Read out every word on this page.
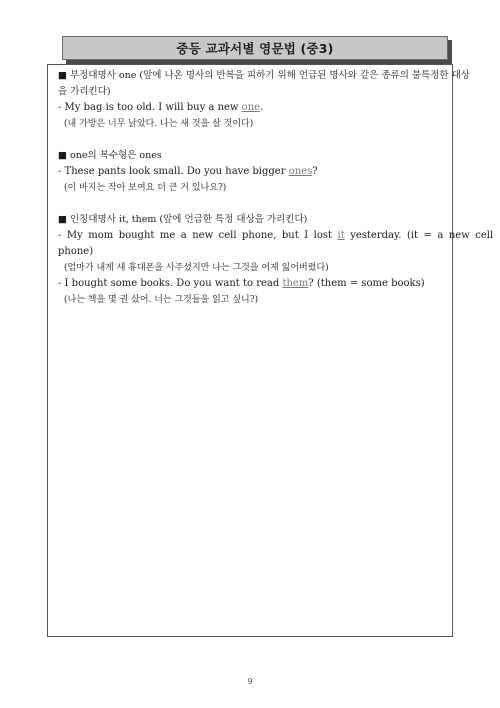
중등 교과서별 영문법 (중3)
■ 부정대명사 one (앞에 나온 명사의 반복을 피하기 위해 언급된 명사와 같은 종류의 불특정한 대상
을 가리킨다)
- My bag is too old. I will buy a new one.
(내 가방은 너무 낡았다. 나는 새 것을 살 것이다)
■ one의 복수형은 ones
- These pants look small. Do you have bigger ones?
(이 바지는 작아 보여요 더 큰 거 있나요?)
■ 인칭대명사 it, them (앞에 언급한 특정 대상을 가리킨다)
- My mom bought me a new cell phone, but I lost it yesterday. (it = a new cell
phone)
(엄마가 내게 새 휴대폰을 사주셨지만 나는 그것을 어제 잃어버렸다)
- I bought some books. Do you want to read them? (them = some books)
(나는 책을 몇 권 샀어. 너는 그것들을 읽고 싶니?)
9
